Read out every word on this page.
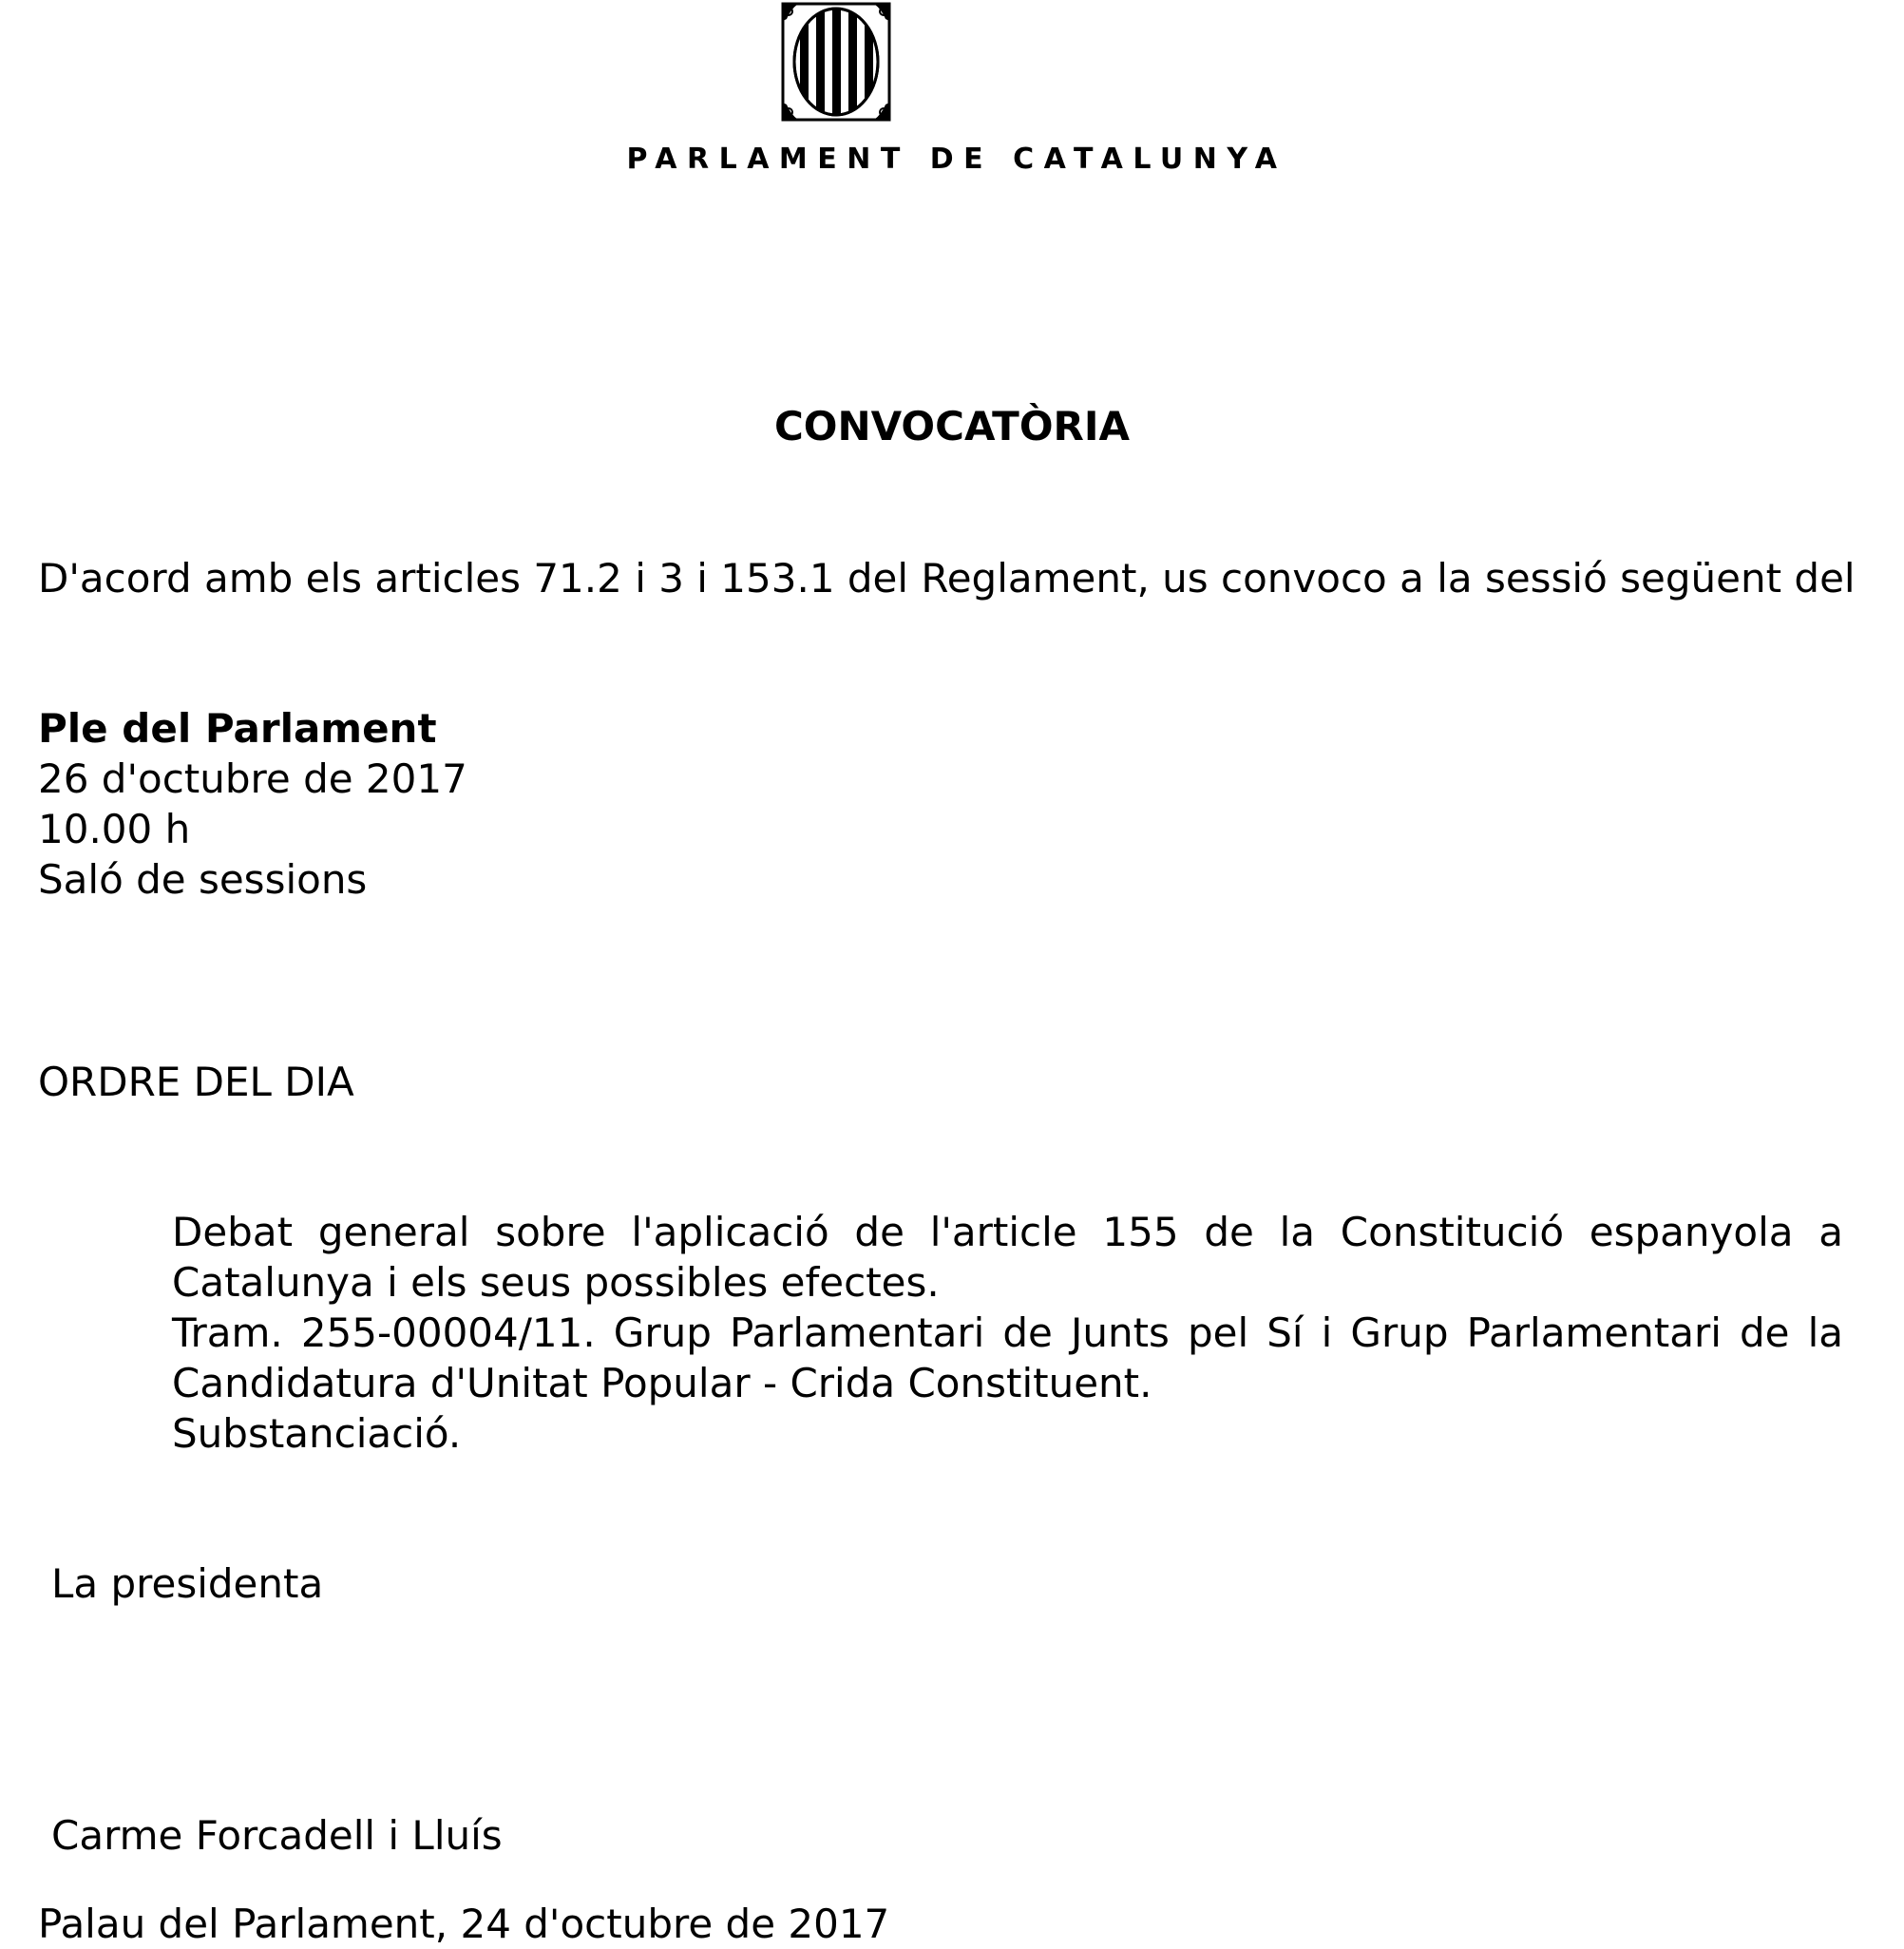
PARLAMENT DE CATALUNYA
CONVOCATÒRIA
D'acord amb els articles 71.2 i 3 i 153.1 del Reglament, us convoco a la sessió següent del
Ple del Parlament
26 d'octubre de 2017
10.00 h
Saló de sessions
ORDRE DEL DIA
Debat general sobre l'aplicació de l'article 155 de la Constitució espanyola a Catalunya i els seus possibles efectes.
Tram. 255-00004/11. Grup Parlamentari de Junts pel Sí i Grup Parlamentari de la Candidatura d'Unitat Popular - Crida Constituent.
Substanciació.
La presidenta
Carme Forcadell i Lluís
Palau del Parlament, 24 d'octubre de 2017
